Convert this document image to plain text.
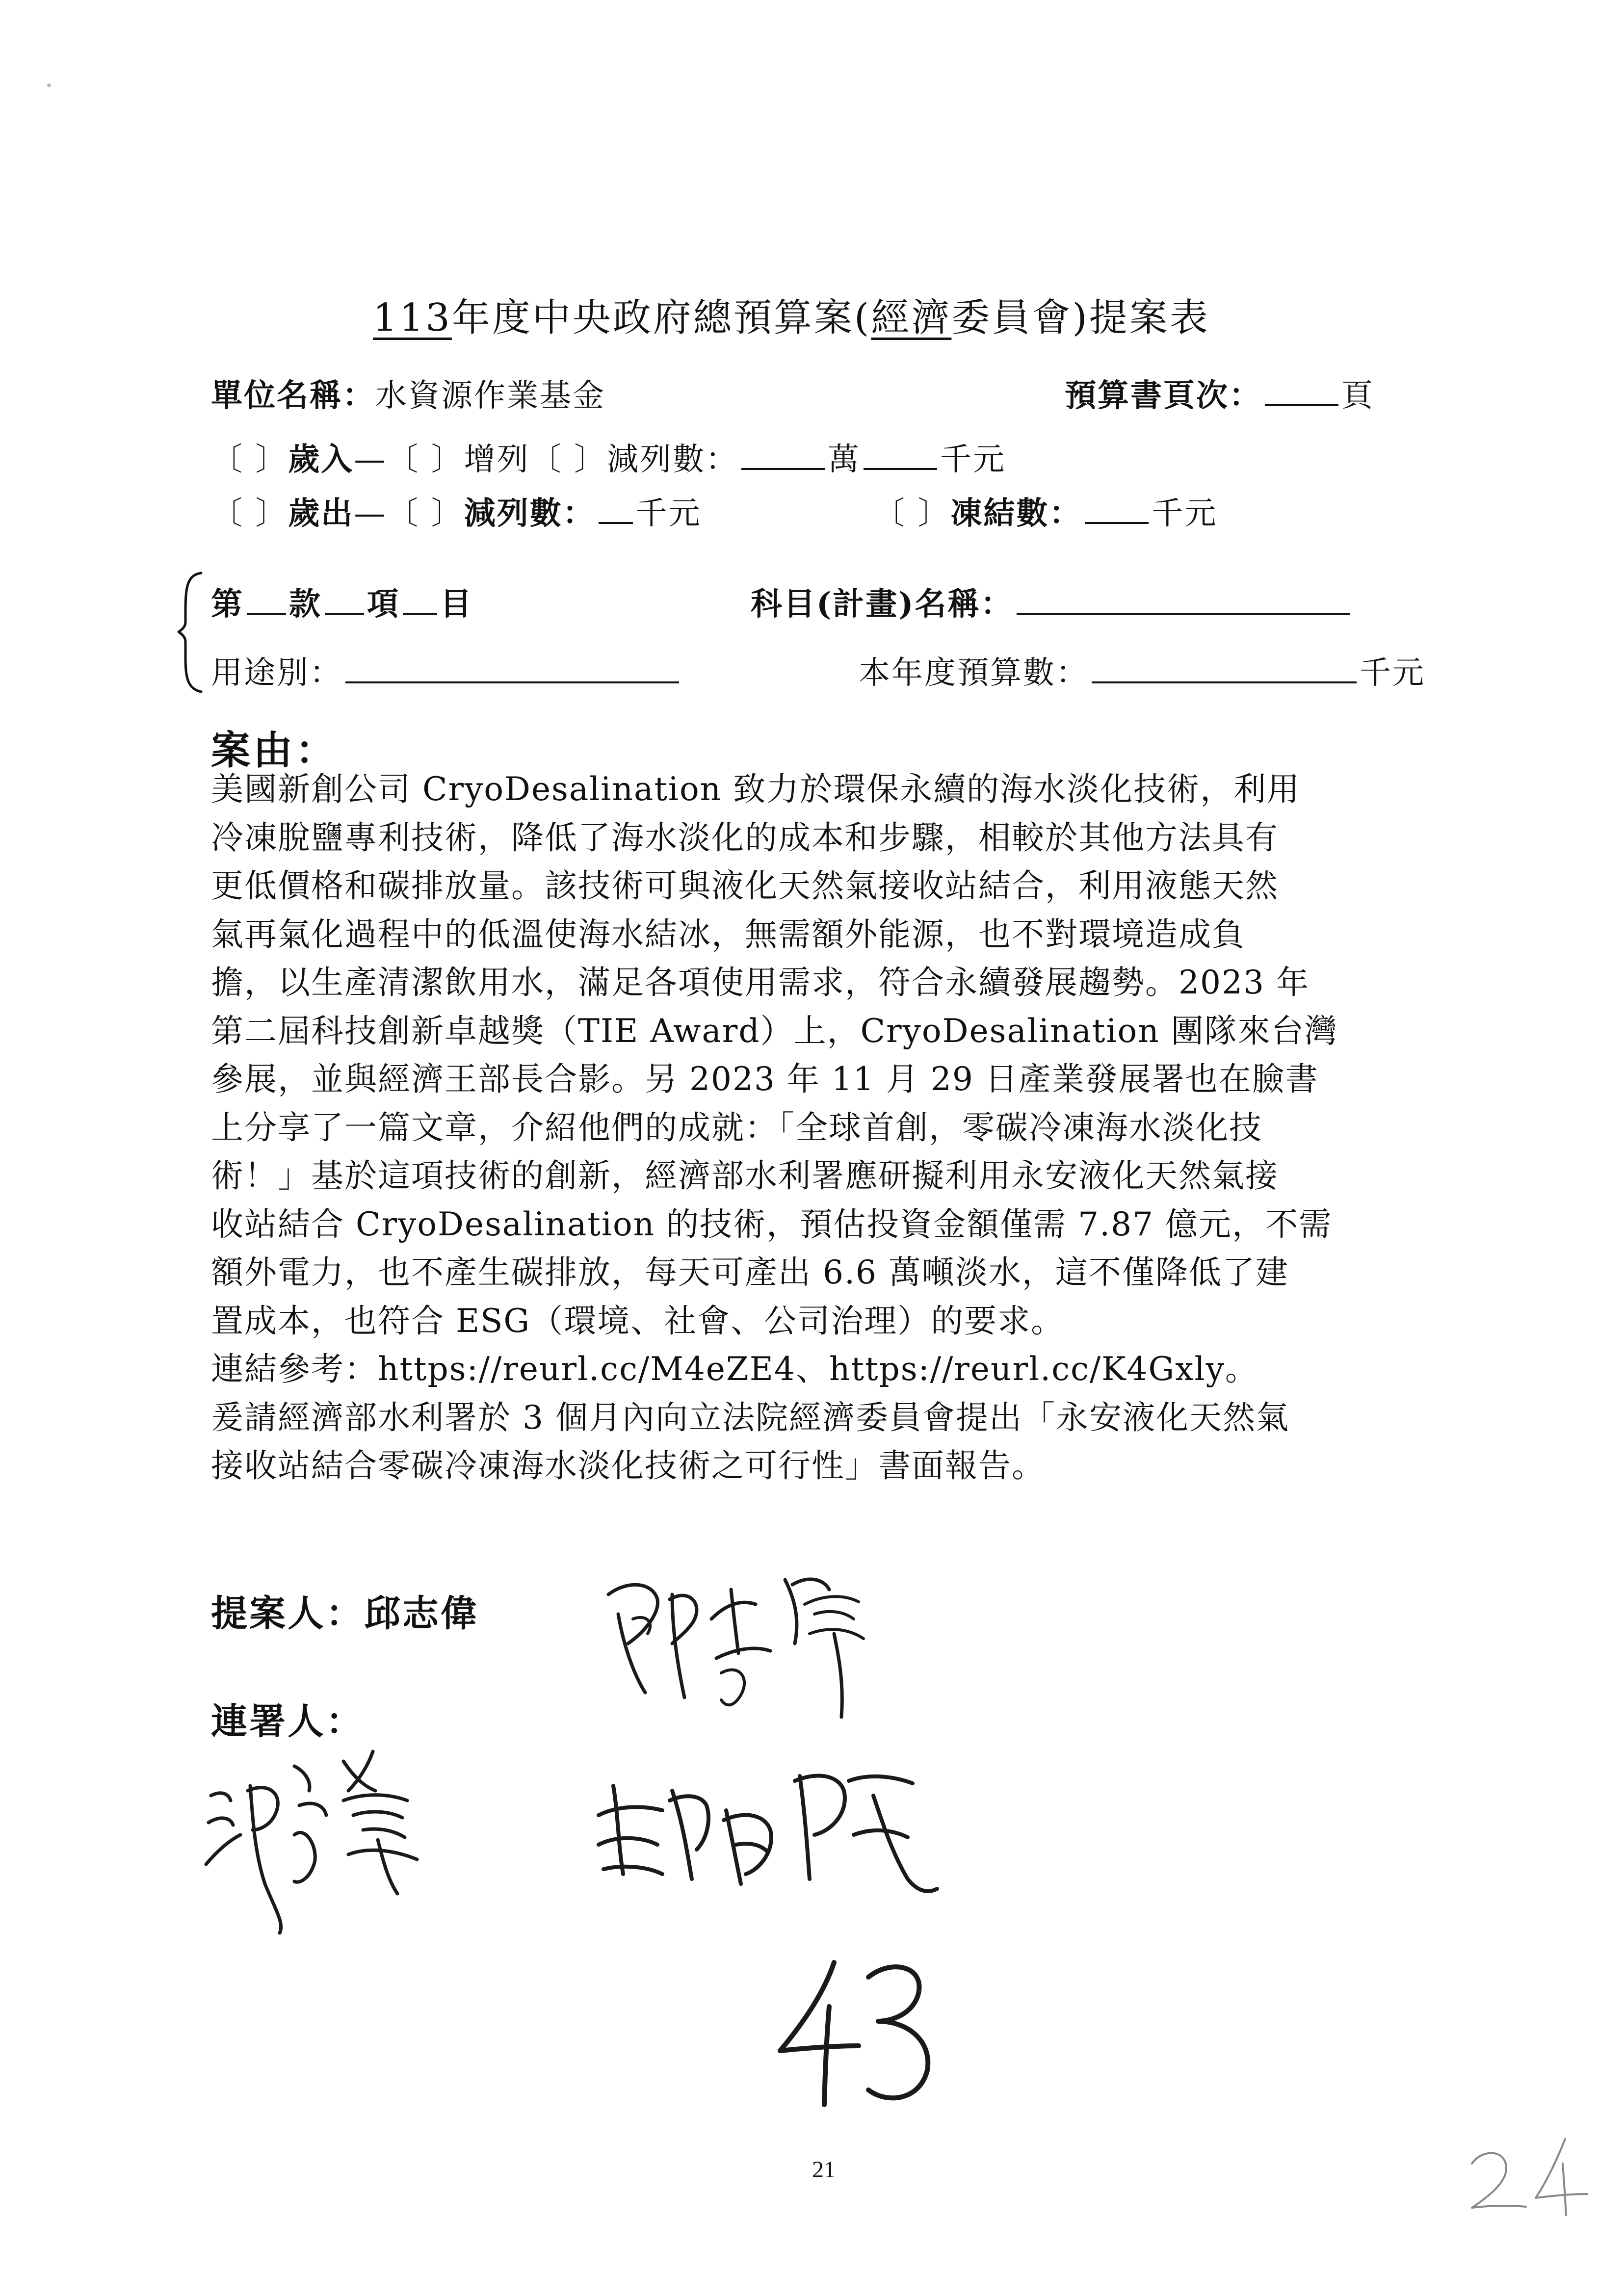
113年度中央政府總預算案(經濟委員會)提案表
單位名稱：水資源作業基金	預算書頁次：	頁
〔 〕歲入—〔 〕增列〔 〕減列數：	萬	千元
〔 〕歲出—〔 〕減列數： 千元	〔 〕凍結數： 千元
第 款 項 目	科目(計畫)名稱：
用途別：	本年度預算數：	千元
案由：

美國新創公司 CryoDesalination 致力於環保永續的海水淡化技術，利用

冷凍脫鹽專利技術，降低了海水淡化的成本和步驟，相較於其他方法具有

更低價格和碳排放量。該技術可與液化天然氣接收站結合，利用液態天然

氣再氣化過程中的低溫使海水結冰，無需額外能源，也不對環境造成負

擔，以生產清潔飲用水，滿足各項使用需求，符合永續發展趨勢。2023 年

第二屆科技創新卓越獎（TIE Award）上，CryoDesalination 團隊來台灣

參展，並與經濟王部長合影。另 2023 年 11 月 29 日產業發展署也在臉書

上分享了一篇文章，介紹他們的成就：「全球首創，零碳冷凍海水淡化技

術！」基於這項技術的創新，經濟部水利署應研擬利用永安液化天然氣接

收站結合 CryoDesalination 的技術，預估投資金額僅需 7.87 億元，不需

額外電力，也不產生碳排放，每天可產出 6.6 萬噸淡水，這不僅降低了建

置成本，也符合 ESG（環境、社會、公司治理）的要求。

連結參考：https://reurl.cc/M4eZE4、https://reurl.cc/K4Gxly。

爰請經濟部水利署於 3 個月內向立法院經濟委員會提出「永安液化天然氣

接收站結合零碳冷凍海水淡化技術之可行性」書面報告。

提案人：邱志偉
連署人：
21
